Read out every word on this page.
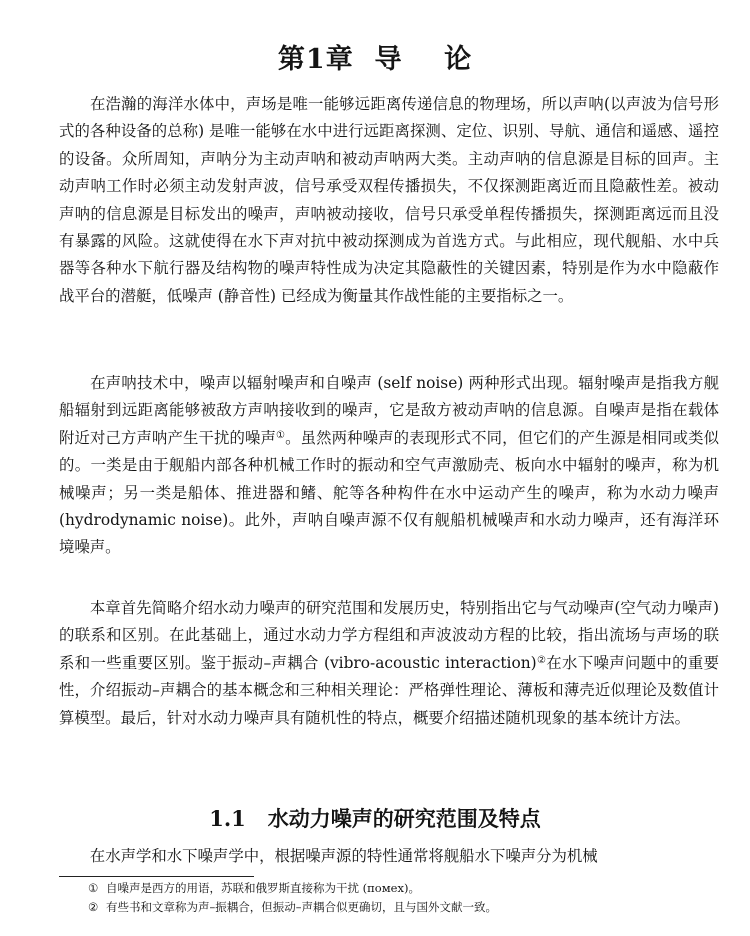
第1章  导    论

在浩瀚的海洋水体中，声场是唯一能够远距离传递信息的物理场，所以声呐(以声波为信号形式的各种设备的总称) 是唯一能够在水中进行远距离探测、定位、识别、导航、通信和遥感、遥控的设备。众所周知，声呐分为主动声呐和被动声呐两大类。主动声呐的信息源是目标的回声。主动声呐工作时必须主动发射声波，信号承受双程传播损失，不仅探测距离近而且隐蔽性差。被动声呐的信息源是目标发出的噪声，声呐被动接收，信号只承受单程传播损失，探测距离远而且没有暴露的风险。这就使得在水下声对抗中被动探测成为首选方式。与此相应，现代舰船、水中兵器等各种水下航行器及结构物的噪声特性成为决定其隐蔽性的关键因素，特别是作为水中隐蔽作战平台的潜艇，低噪声 (静音性) 已经成为衡量其作战性能的主要指标之一。

在声呐技术中，噪声以辐射噪声和自噪声 (self noise) 两种形式出现。辐射噪声是指我方舰船辐射到远距离能够被敌方声呐接收到的噪声，它是敌方被动声呐的信息源。自噪声是指在载体附近对己方声呐产生干扰的噪声①。虽然两种噪声的表现形式不同，但它们的产生源是相同或类似的。一类是由于舰船内部各种机械工作时的振动和空气声激励壳、板向水中辐射的噪声，称为机械噪声；另一类是船体、推进器和鳍、舵等各种构件在水中运动产生的噪声，称为水动力噪声 (hydrodynamic noise)。此外，声呐自噪声源不仅有舰船机械噪声和水动力噪声，还有海洋环境噪声。

本章首先简略介绍水动力噪声的研究范围和发展历史，特别指出它与气动噪声(空气动力噪声) 的联系和区别。在此基础上，通过水动力学方程组和声波波动方程的比较，指出流场与声场的联系和一些重要区别。鉴于振动–声耦合 (vibro-acoustic interaction)②在水下噪声问题中的重要性，介绍振动–声耦合的基本概念和三种相关理论：严格弹性理论、薄板和薄壳近似理论及数值计算模型。最后，针对水动力噪声具有随机性的特点，概要介绍描述随机现象的基本统计方法。

1.1 水动力噪声的研究范围及特点

在水声学和水下噪声学中，根据噪声源的特性通常将舰船水下噪声分为机械

① 自噪声是西方的用语，苏联和俄罗斯直接称为干扰 (помех)。
② 有些书和文章称为声–振耦合，但振动–声耦合似更确切，且与国外文献一致。
